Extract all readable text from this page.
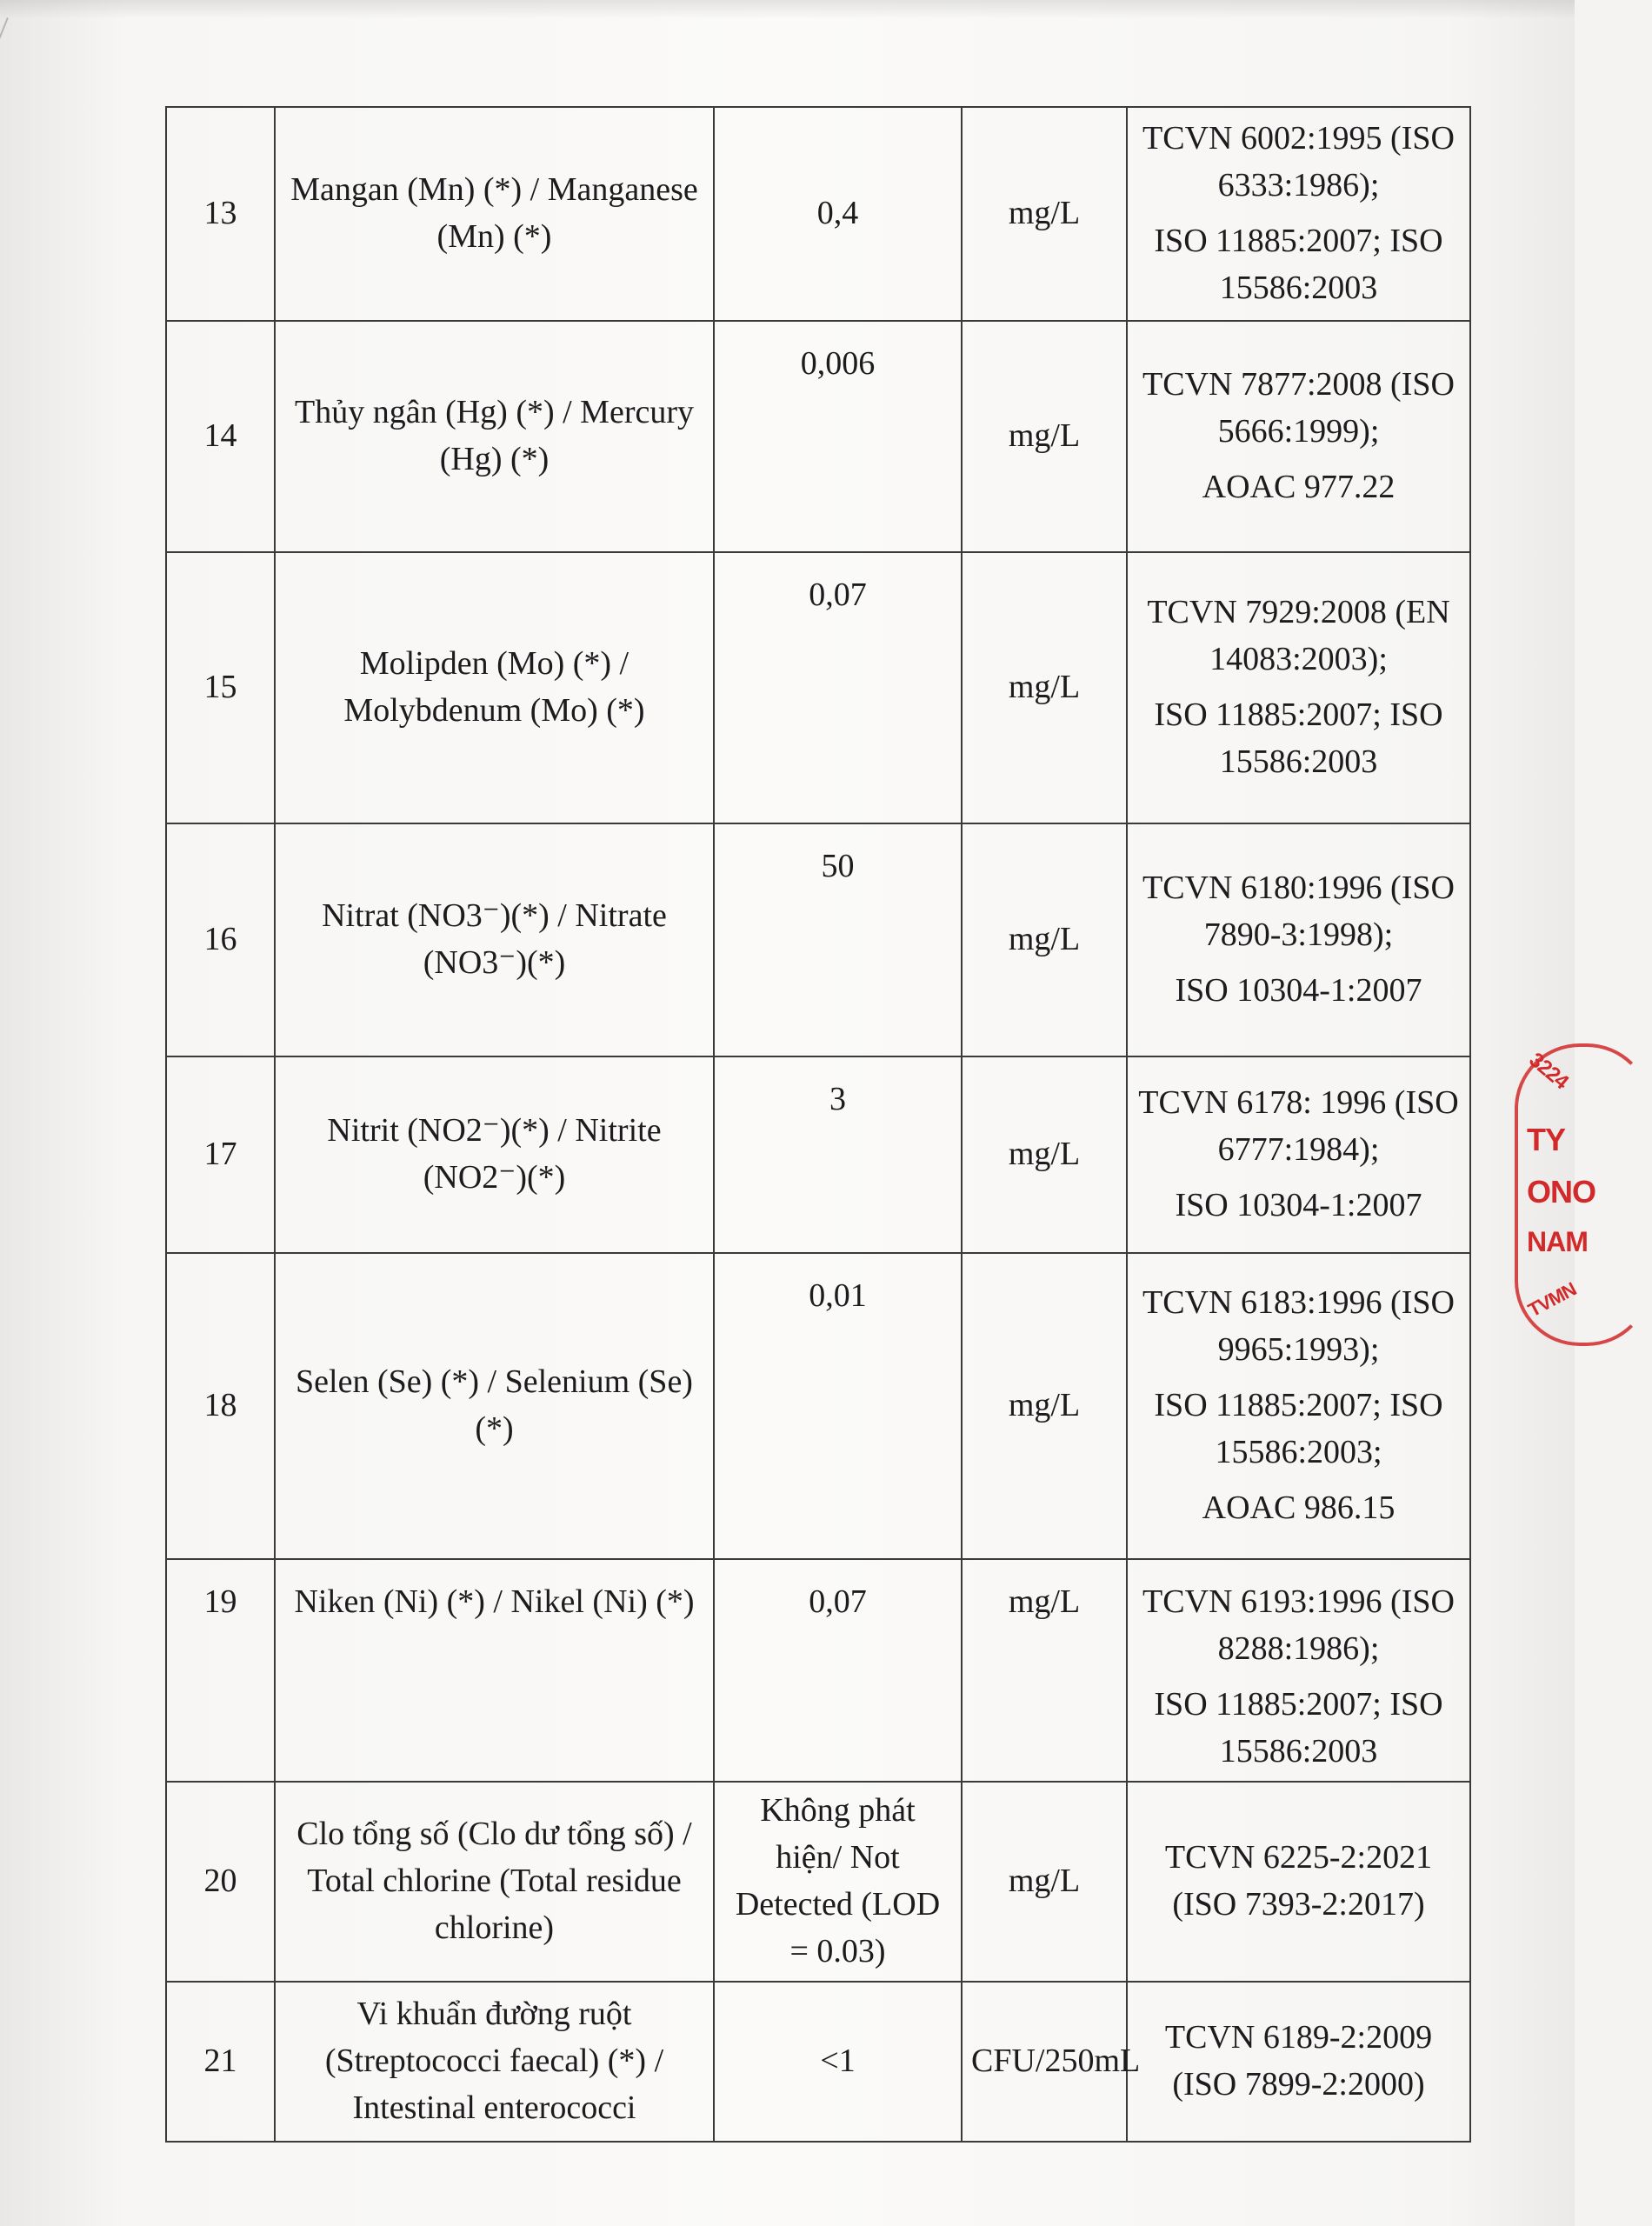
13	Mangan (Mn) (*) / Manganese (Mn) (*)	0,4	mg/L	TCVN 6002:1995 (ISO 6333:1986);
ISO 11885:2007; ISO 15586:2003

14	Thủy ngân (Hg) (*) / Mercury (Hg) (*)	0,006	mg/L	TCVN 7877:2008 (ISO 5666:1999);
AOAC 977.22

15	Molipden (Mo) (*) / Molybdenum (Mo) (*)	0,07	mg/L	TCVN 7929:2008 (EN 14083:2003);
ISO 11885:2007; ISO 15586:2003

16	Nitrat (NO3⁻)(*) / Nitrate (NO3⁻)(*)	50	mg/L	TCVN 6180:1996 (ISO 7890-3:1998);
ISO 10304-1:2007

17	Nitrit (NO2⁻)(*) / Nitrite (NO2⁻)(*)	3	mg/L	TCVN 6178: 1996 (ISO 6777:1984);
ISO 10304-1:2007

18	Selen (Se) (*) / Selenium (Se) (*)	0,01	mg/L	TCVN 6183:1996 (ISO 9965:1993);
ISO 11885:2007; ISO 15586:2003;
AOAC 986.15

19	Niken (Ni) (*) / Nikel (Ni) (*)	0,07	mg/L	TCVN 6193:1996 (ISO 8288:1986);
ISO 11885:2007; ISO 15586:2003

20	Clo tổng số (Clo dư tổng số) / Total chlorine (Total residue chlorine)	Không phát hiện/ Not Detected (LOD = 0.03)	mg/L	TCVN 6225-2:2021 (ISO 7393-2:2017)

21	Vi khuẩn đường ruột (Streptococci faecal) (*) / Intestinal enterococci	<1	CFU/250mL	TCVN 6189-2:2009 (ISO 7899-2:2000)
3224
TY
ONO
NAM
TVMN
